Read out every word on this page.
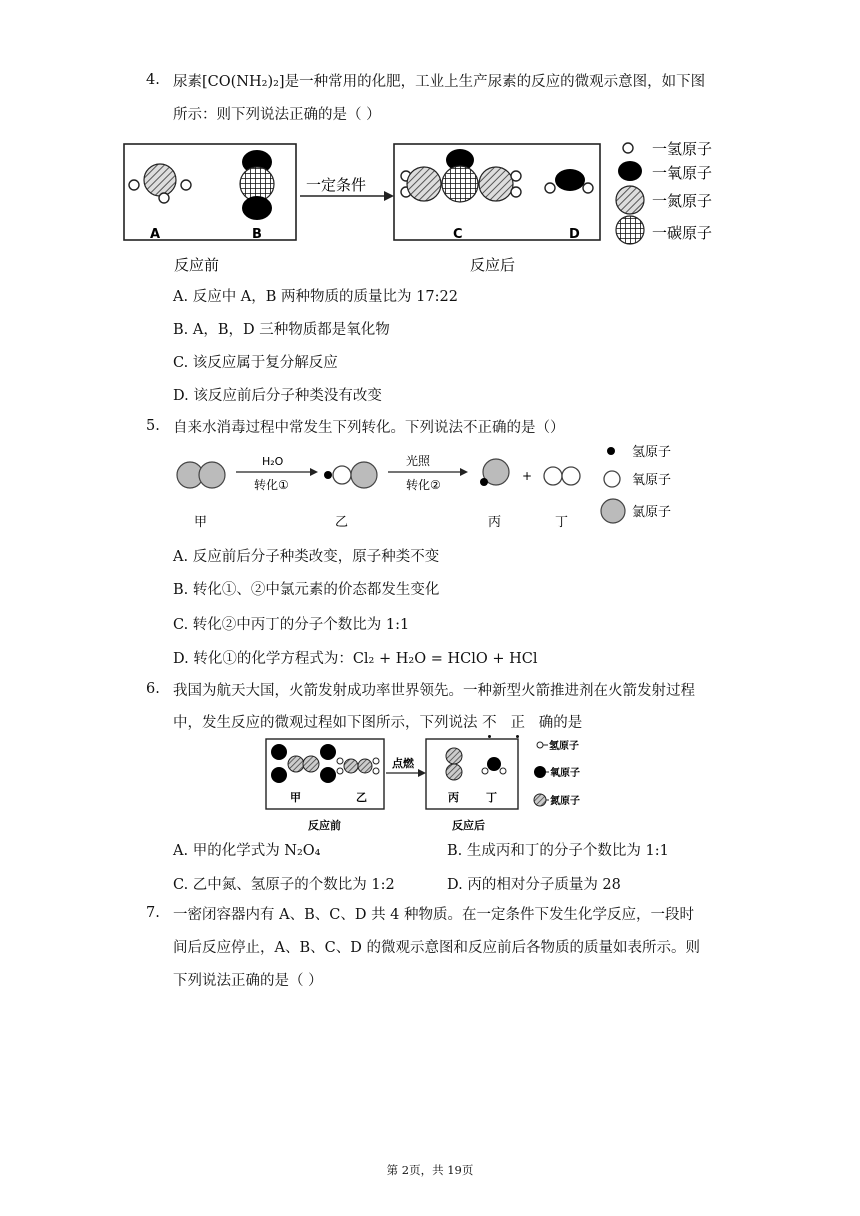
4. 尿素[CO(NH₂)₂]是一种常用的化肥，工业上生产尿素的反应的微观示意图，如下图
所示：则下列说法正确的是（ ）
A	B
一定条件
C	D
反应前	反应后
一氢原子
一氧原子
一氮原子
一碳原子
A. 反应中 A，B 两种物质的质量比为 17:22
B. A，B，D 三种物质都是氧化物
C. 该反应属于复分解反应
D. 该反应前后分子种类没有改变
5. 自来水消毒过程中常发生下列转化。下列说法不正确的是（）
H₂O
转化①
光照
转化②
+
甲	乙	丙	丁
氢原子
氧原子
氯原子
A. 反应前后分子种类改变，原子种类不变
B. 转化①、②中氯元素的价态都发生变化
C. 转化②中丙丁的分子个数比为 1:1
D. 转化①的化学方程式为：Cl₂ + H₂O = HClO + HCl
6. 我国为航天大国，火箭发射成功率世界领先。一种新型火箭推进剂在火箭发射过程
中，发生反应的微观过程如下图所示，下列说法 不 正 确的是
甲	乙
点燃
丙 丁
反应前	反应后
氢原子
氧原子
氮原子
A. 甲的化学式为 N₂O₄	B. 生成丙和丁的分子个数比为 1:1
C. 乙中氮、氢原子的个数比为 1:2	D. 丙的相对分子质量为 28
7. 一密闭容器内有 A、B、C、D 共 4 种物质。在一定条件下发生化学反应，一段时
间后反应停止，A、B、C、D 的微观示意图和反应前后各物质的质量如表所示。则
下列说法正确的是（ ）
第 2页，共 19页
